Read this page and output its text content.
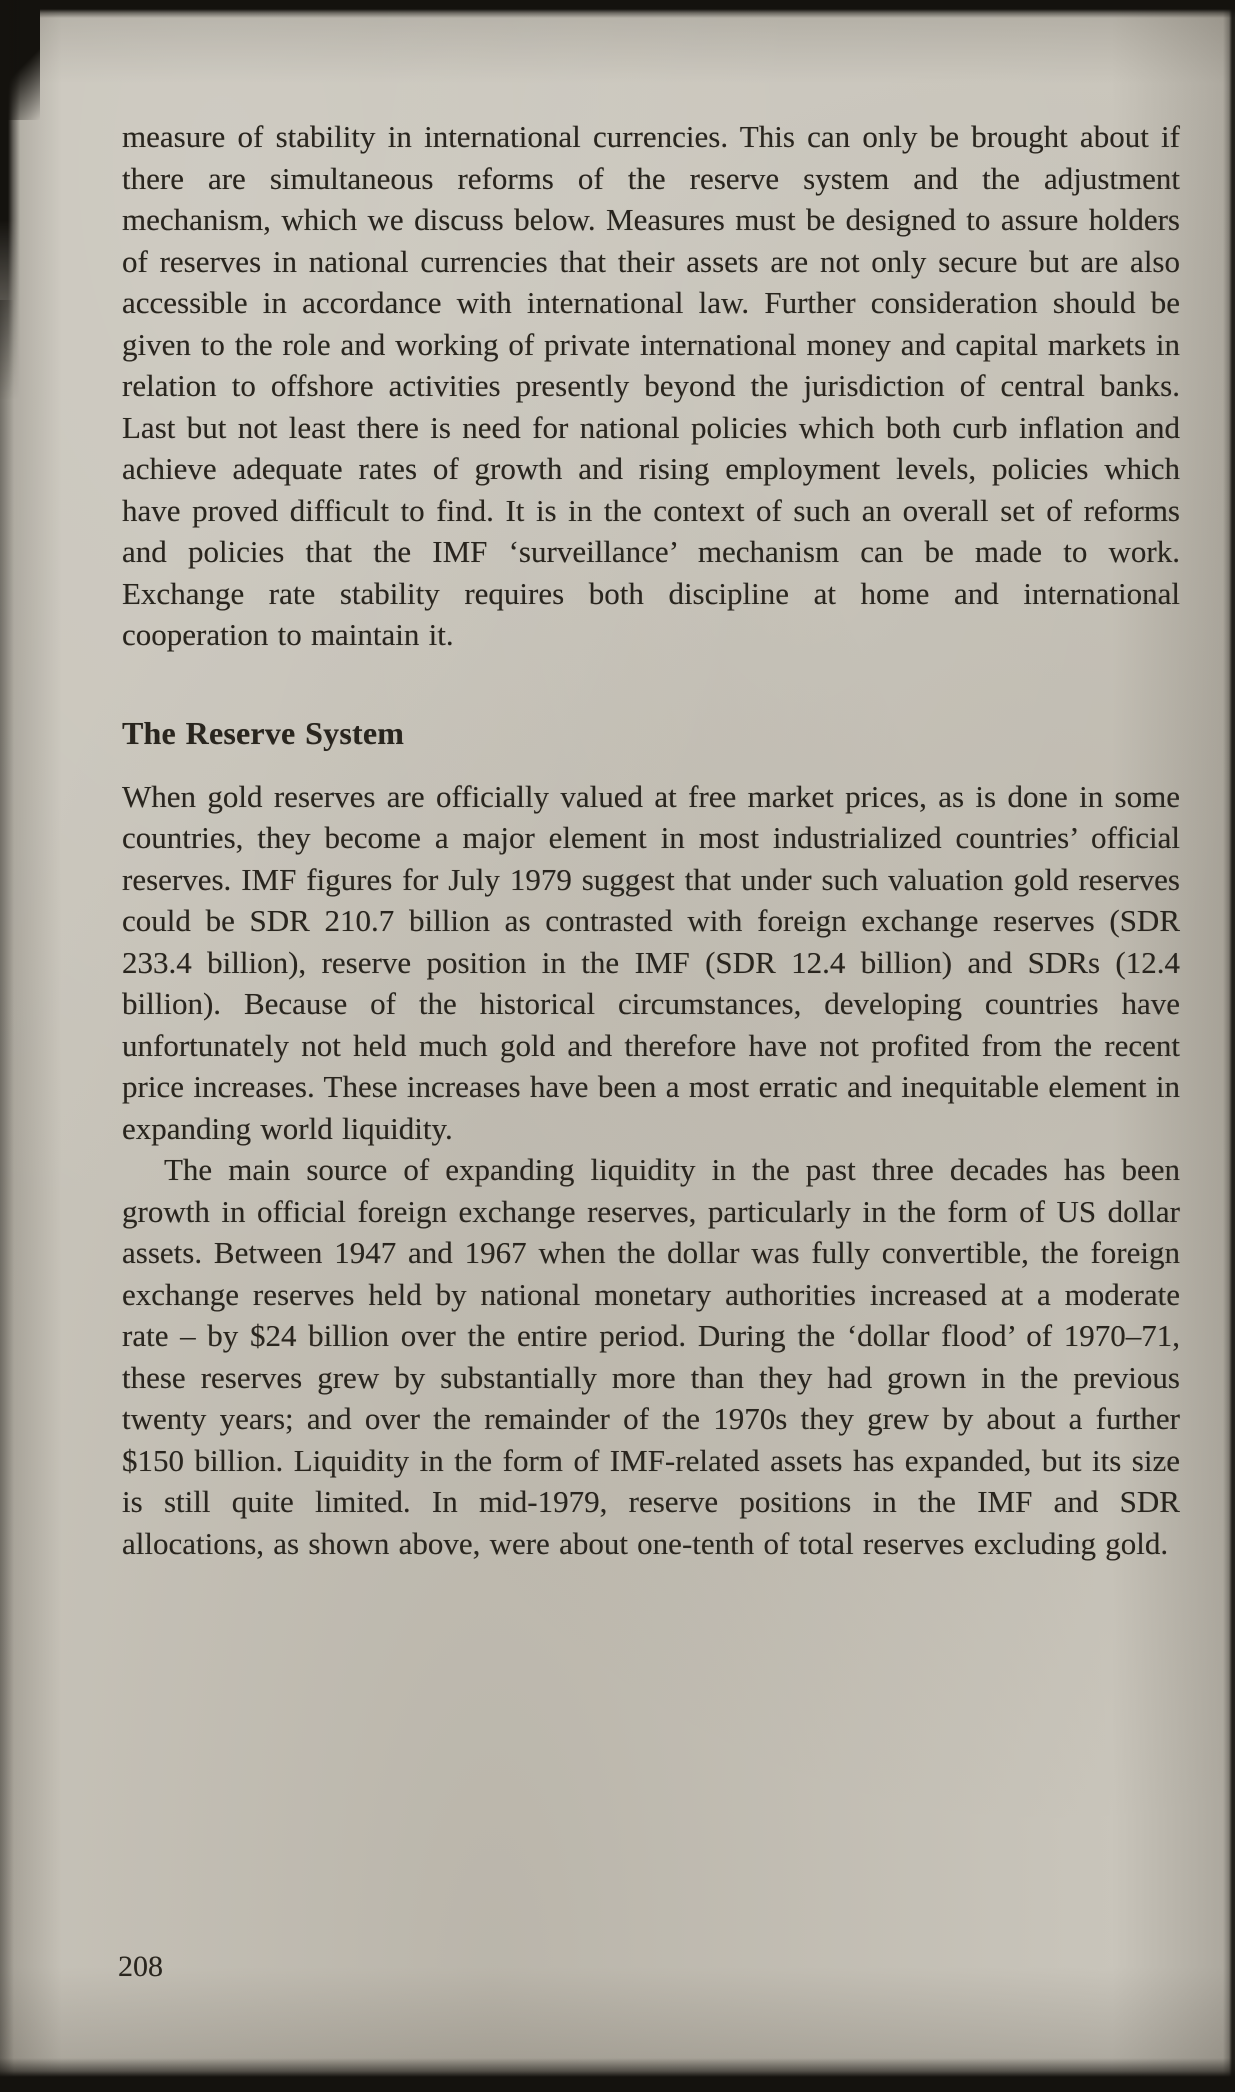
measure of stability in international currencies. This can only be brought about if there are simultaneous reforms of the reserve system and the adjustment mechanism, which we discuss below. Measures must be designed to assure holders of reserves in national currencies that their assets are not only secure but are also accessible in accordance with international law. Further consideration should be given to the role and working of private international money and capital markets in relation to offshore activities presently beyond the jurisdiction of central banks. Last but not least there is need for national policies which both curb inflation and achieve adequate rates of growth and rising employment levels, policies which have proved difficult to find. It is in the context of such an overall set of reforms and policies that the IMF ‘surveillance’ mechanism can be made to work. Exchange rate stability requires both discipline at home and international cooperation to maintain it.

The Reserve System

When gold reserves are officially valued at free market prices, as is done in some countries, they become a major element in most industrialized countries’ official reserves. IMF figures for July 1979 suggest that under such valuation gold reserves could be SDR 210.7 billion as contrasted with foreign exchange reserves (SDR 233.4 billion), reserve position in the IMF (SDR 12.4 billion) and SDRs (12.4 billion). Because of the historical circumstances, developing countries have unfortunately not held much gold and therefore have not profited from the recent price increases. These increases have been a most erratic and inequitable element in expanding world liquidity.

The main source of expanding liquidity in the past three decades has been growth in official foreign exchange reserves, particularly in the form of US dollar assets. Between 1947 and 1967 when the dollar was fully convertible, the foreign exchange reserves held by national monetary authorities increased at a moderate rate – by $24 billion over the entire period. During the ‘dollar flood’ of 1970–71, these reserves grew by substantially more than they had grown in the previous twenty years; and over the remainder of the 1970s they grew by about a further $150 billion. Liquidity in the form of IMF-related assets has expanded, but its size is still quite limited. In mid-1979, reserve positions in the IMF and SDR allocations, as shown above, were about one-tenth of total reserves excluding gold.

208
